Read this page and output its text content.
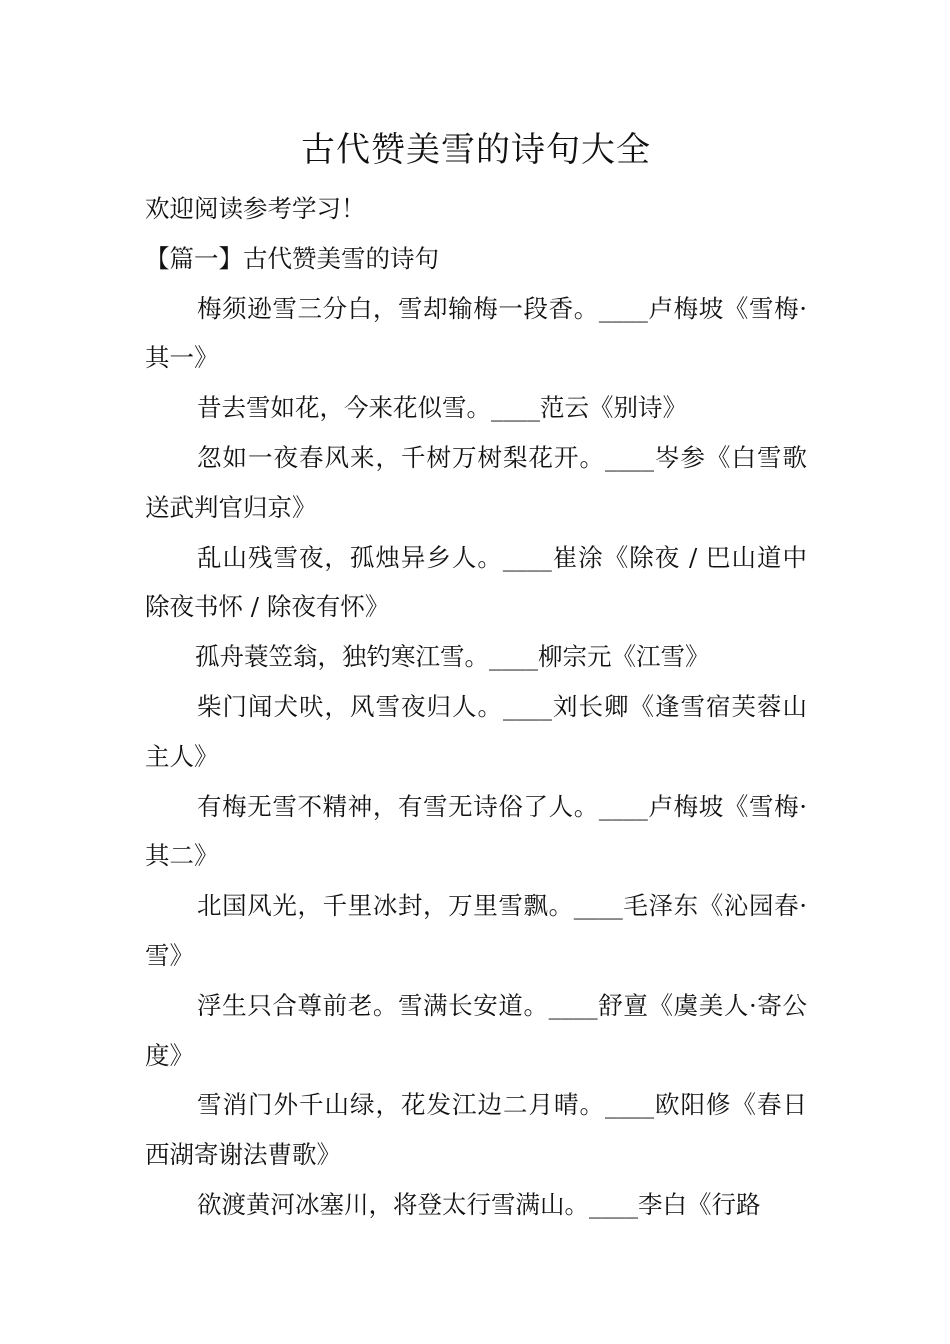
古代赞美雪的诗句大全

欢迎阅读参考学习！

【篇一】古代赞美雪的诗句

梅须逊雪三分白，雪却输梅一段香。____卢梅坡《雪梅·其一》

昔去雪如花，今来花似雪。____范云《别诗》

忽如一夜春风来，千树万树梨花开。____岑参《白雪歌送武判官归京》

乱山残雪夜，孤烛异乡人。____崔涂《除夜 / 巴山道中除夜书怀 / 除夜有怀》

孤舟蓑笠翁，独钓寒江雪。____柳宗元《江雪》

柴门闻犬吠，风雪夜归人。____刘长卿《逢雪宿芙蓉山主人》

有梅无雪不精神，有雪无诗俗了人。____卢梅坡《雪梅·其二》

北国风光，千里冰封，万里雪飘。____毛泽东《沁园春·雪》

浮生只合尊前老。雪满长安道。____舒亶《虞美人·寄公度》

雪消门外千山绿，花发江边二月晴。____欧阳修《春日西湖寄谢法曹歌》

欲渡黄河冰塞川，将登太行雪满山。____李白《行路
